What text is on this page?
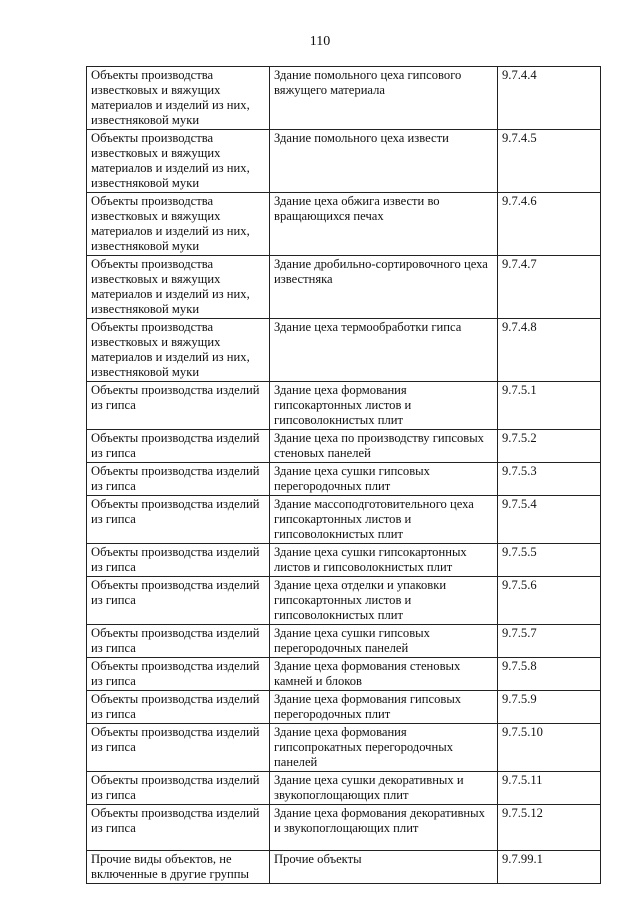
110
Объекты производства известковых и вяжущих материалов и изделий из них, известняковой муки	Здание помольного цеха гипсового вяжущего материала	9.7.4.4
Объекты производства известковых и вяжущих материалов и изделий из них, известняковой муки	Здание помольного цеха извести	9.7.4.5
Объекты производства известковых и вяжущих материалов и изделий из них, известняковой муки	Здание цеха обжига извести во вращающихся печах	9.7.4.6
Объекты производства известковых и вяжущих материалов и изделий из них, известняковой муки	Здание дробильно-сортировочного цеха известняка	9.7.4.7
Объекты производства известковых и вяжущих материалов и изделий из них, известняковой муки	Здание цеха термообработки гипса	9.7.4.8
Объекты производства изделий из гипса	Здание цеха формования гипсокартонных листов и гипсоволокнистых плит	9.7.5.1
Объекты производства изделий из гипса	Здание цеха по производству гипсовых стеновых панелей	9.7.5.2
Объекты производства изделий из гипса	Здание цеха сушки гипсовых перегородочных плит	9.7.5.3
Объекты производства изделий из гипса	Здание массоподготовительного цеха гипсокартонных листов и гипсоволокнистых плит	9.7.5.4
Объекты производства изделий из гипса	Здание цеха сушки гипсокартонных листов и гипсоволокнистых плит	9.7.5.5
Объекты производства изделий из гипса	Здание цеха отделки и упаковки гипсокартонных листов и гипсоволокнистых плит	9.7.5.6
Объекты производства изделий из гипса	Здание цеха сушки гипсовых перегородочных панелей	9.7.5.7
Объекты производства изделий из гипса	Здание цеха формования стеновых камней и блоков	9.7.5.8
Объекты производства изделий из гипса	Здание цеха формования гипсовых перегородочных плит	9.7.5.9
Объекты производства изделий из гипса	Здание цеха формования гипсопрокатных перегородочных панелей	9.7.5.10
Объекты производства изделий из гипса	Здание цеха сушки декоративных и звукопоглощающих плит	9.7.5.11
Объекты производства изделий из гипса	Здание цеха формования декоративных и звукопоглощающих плит	9.7.5.12
Прочие виды объектов, не включенные в другие группы	Прочие объекты	9.7.99.1
